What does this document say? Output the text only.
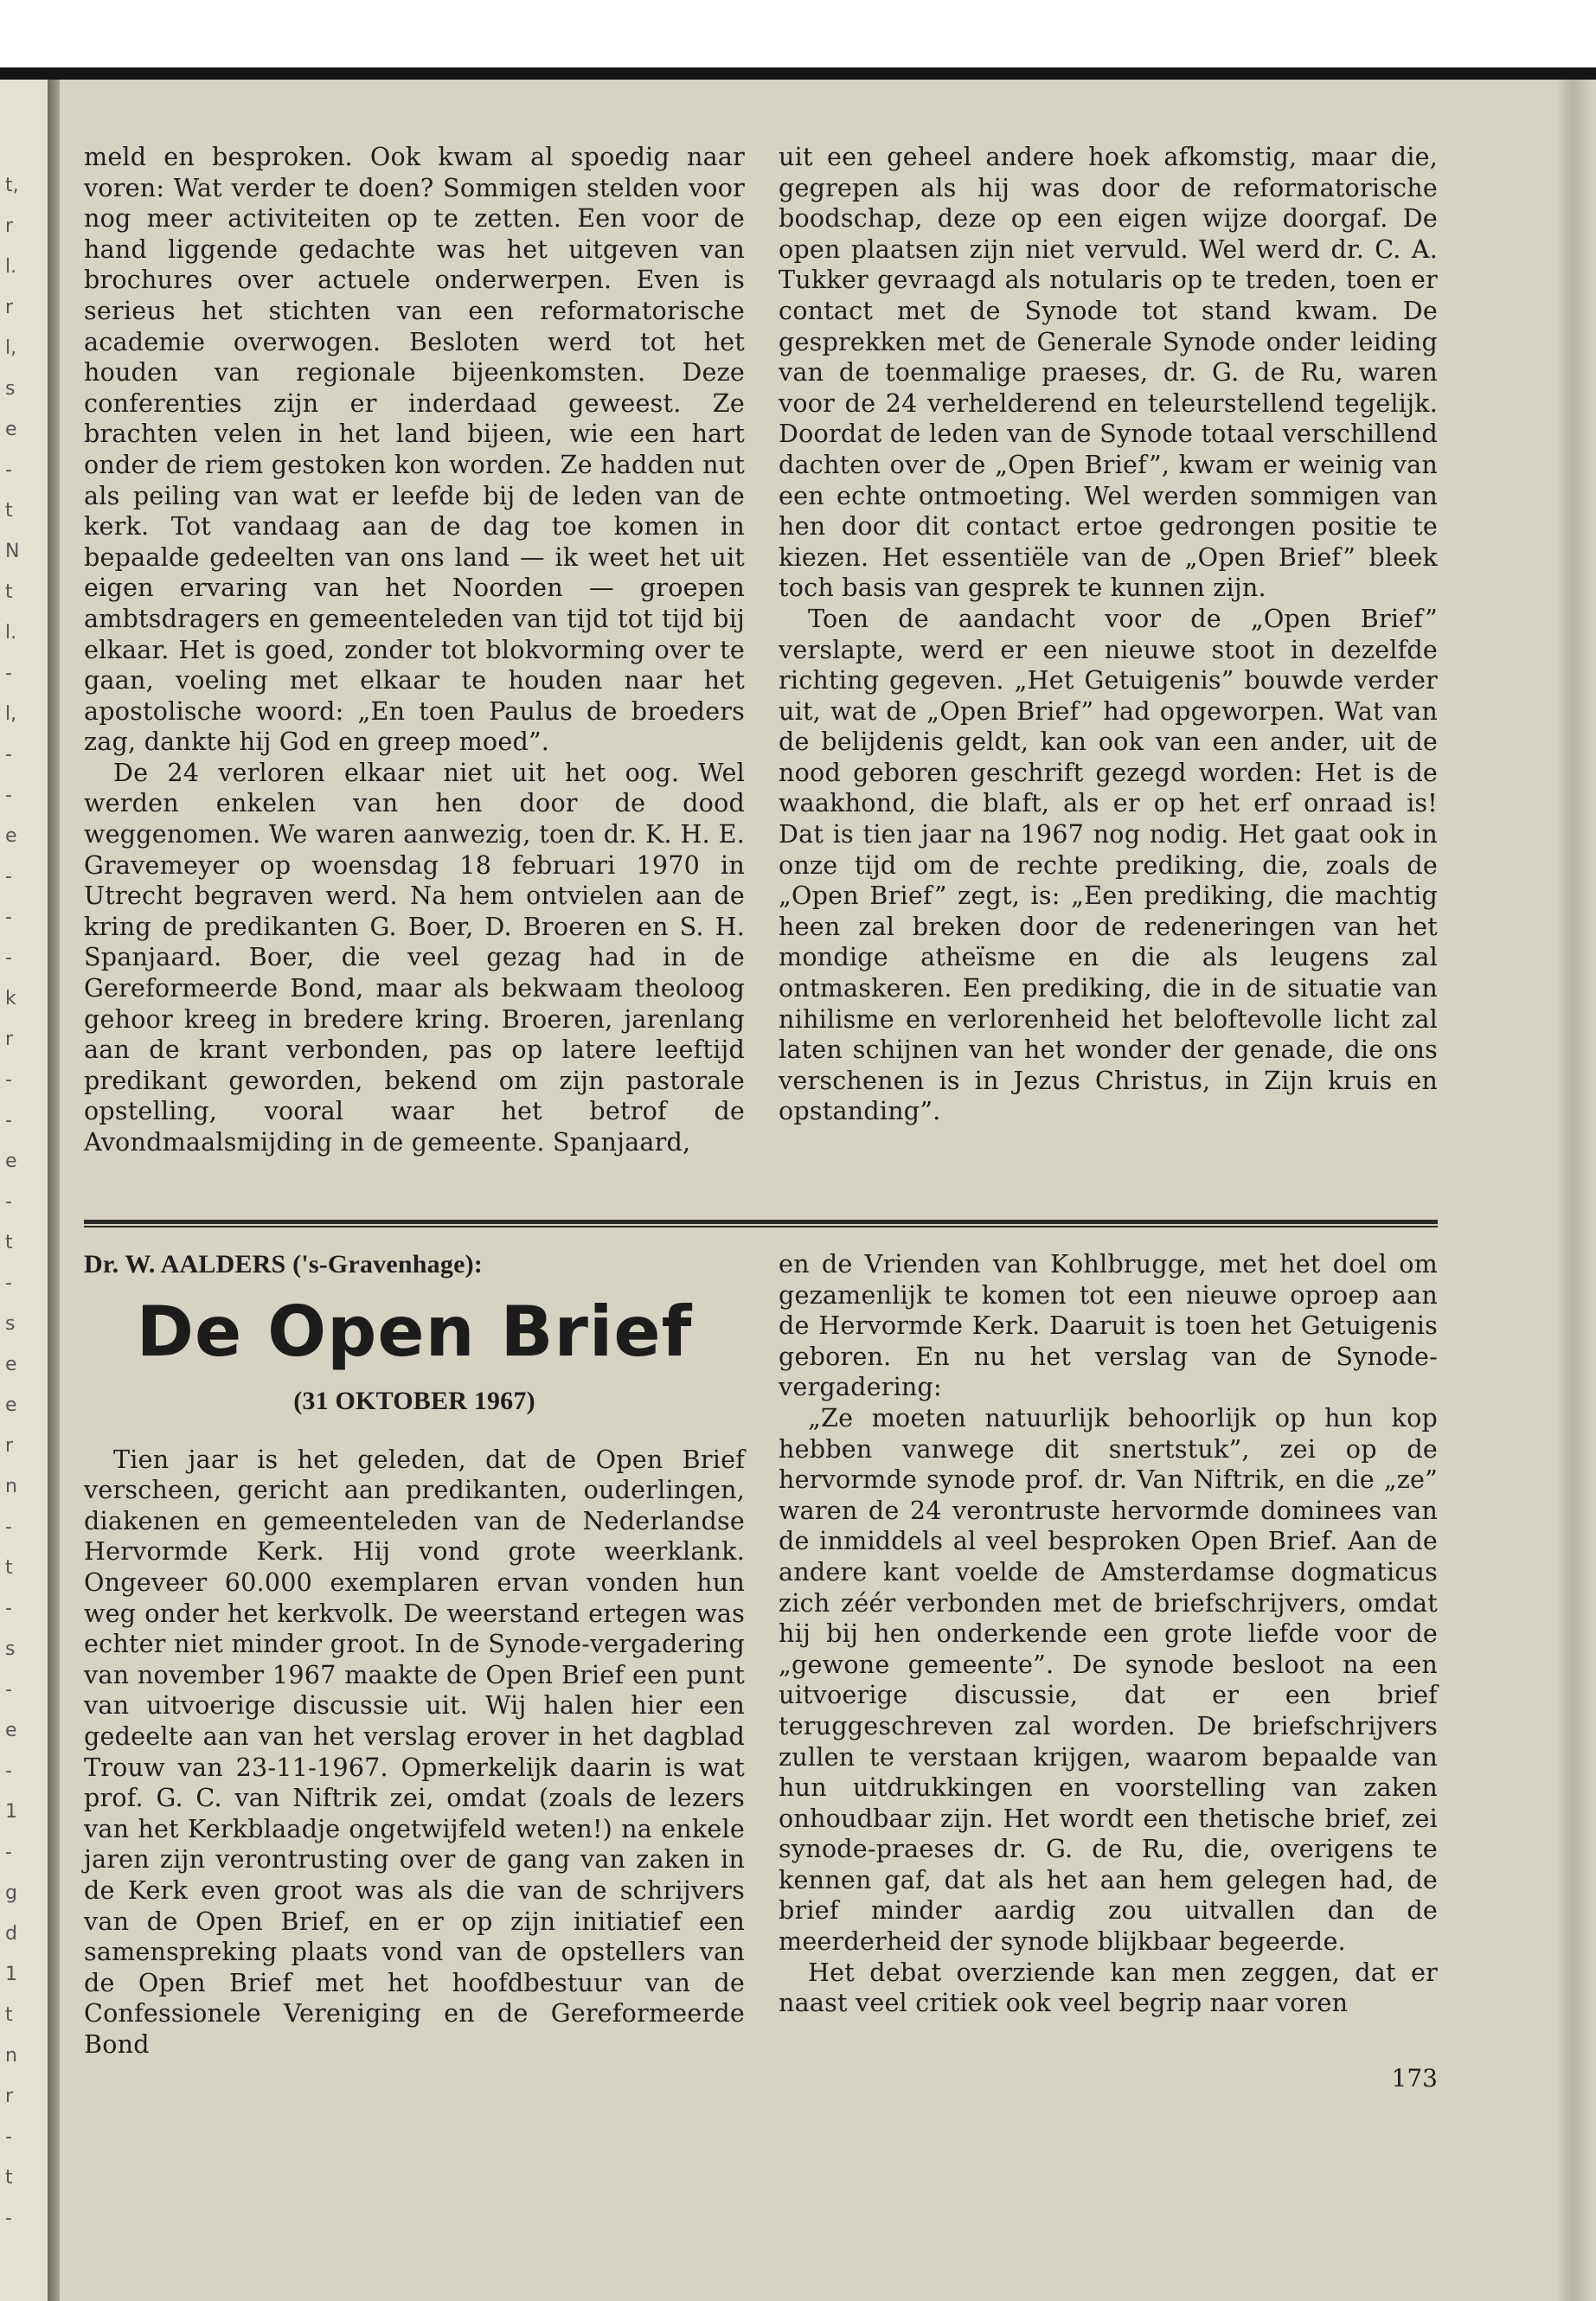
t,
r
l.
r
l,
s
e
-
t
N
t
l.
-
l,
-
-
e
-
-
-
k
r
-
-
e
-
t
-
s
e
e
r
n
-
t
-
s
-
e
-
1
-
g
d
1
t
n
r
-
t
-

meld en besproken. Ook kwam al spoedig naar voren: Wat verder te doen? Sommigen stelden voor nog meer activiteiten op te zetten. Een voor de hand liggende gedachte was het uitgeven van brochures over actuele onderwerpen. Even is serieus het stichten van een reformatorische academie overwogen. Besloten werd tot het houden van regionale bijeenkomsten. Deze conferenties zijn er inderdaad geweest. Ze brachten velen in het land bijeen, wie een hart onder de riem gestoken kon worden. Ze hadden nut als peiling van wat er leefde bij de leden van de kerk. Tot vandaag aan de dag toe komen in bepaalde gedeelten van ons land — ik weet het uit eigen ervaring van het Noorden — groepen ambtsdragers en gemeenteleden van tijd tot tijd bij elkaar. Het is goed, zonder tot blokvorming over te gaan, voeling met elkaar te houden naar het apostolische woord: „En toen Paulus de broeders zag, dankte hij God en greep moed”.

De 24 verloren elkaar niet uit het oog. Wel werden enkelen van hen door de dood weggenomen. We waren aanwezig, toen dr. K. H. E. Gravemeyer op woensdag 18 februari 1970 in Utrecht begraven werd. Na hem ontvielen aan de kring de predikanten G. Boer, D. Broeren en S. H. Spanjaard. Boer, die veel gezag had in de Gereformeerde Bond, maar als bekwaam theoloog gehoor kreeg in bredere kring. Broeren, jarenlang aan de krant verbonden, pas op latere leeftijd predikant geworden, bekend om zijn pastorale opstelling, vooral waar het betrof de Avondmaalsmijding in de gemeente. Spanjaard,

uit een geheel andere hoek afkomstig, maar die, gegrepen als hij was door de reformatorische boodschap, deze op een eigen wijze doorgaf. De open plaatsen zijn niet vervuld. Wel werd dr. C. A. Tukker gevraagd als notularis op te treden, toen er contact met de Synode tot stand kwam. De gesprekken met de Generale Synode onder leiding van de toenmalige praeses, dr. G. de Ru, waren voor de 24 verhelderend en teleurstellend tegelijk. Doordat de leden van de Synode totaal verschillend dachten over de „Open Brief”, kwam er weinig van een echte ontmoeting. Wel werden sommigen van hen door dit contact ertoe gedrongen positie te kiezen. Het essentiële van de „Open Brief” bleek toch basis van gesprek te kunnen zijn.

Toen de aandacht voor de „Open Brief” verslapte, werd er een nieuwe stoot in dezelfde richting gegeven. „Het Getuigenis” bouwde verder uit, wat de „Open Brief” had opgeworpen. Wat van de belijdenis geldt, kan ook van een ander, uit de nood geboren geschrift gezegd worden: Het is de waakhond, die blaft, als er op het erf onraad is! Dat is tien jaar na 1967 nog nodig. Het gaat ook in onze tijd om de rechte prediking, die, zoals de „Open Brief” zegt, is: „Een prediking, die machtig heen zal breken door de redeneringen van het mondige atheïsme en die als leugens zal ontmaskeren. Een prediking, die in de situatie van nihilisme en verlorenheid het beloftevolle licht zal laten schijnen van het wonder der genade, die ons verschenen is in Jezus Christus, in Zijn kruis en opstanding”.

Dr. W. AALDERS ('s-Gravenhage):
De Open Brief
(31 OKTOBER 1967)

Tien jaar is het geleden, dat de Open Brief verscheen, gericht aan predikanten, ouderlingen, diakenen en gemeenteleden van de Nederlandse Hervormde Kerk. Hij vond grote weerklank. Ongeveer 60.000 exemplaren ervan vonden hun weg onder het kerkvolk. De weerstand ertegen was echter niet minder groot. In de Synode-vergadering van november 1967 maakte de Open Brief een punt van uitvoerige discussie uit. Wij halen hier een gedeelte aan van het verslag erover in het dagblad Trouw van 23-11-1967. Opmerkelijk daarin is wat prof. G. C. van Niftrik zei, omdat (zoals de lezers van het Kerkblaadje ongetwijfeld weten!) na enkele jaren zijn verontrusting over de gang van zaken in de Kerk even groot was als die van de schrijvers van de Open Brief, en er op zijn initiatief een samenspreking plaats vond van de opstellers van de Open Brief met het hoofdbestuur van de Confessionele Vereniging en de Gereformeerde Bond

en de Vrienden van Kohlbrugge, met het doel om gezamenlijk te komen tot een nieuwe oproep aan de Hervormde Kerk. Daaruit is toen het Getuigenis geboren. En nu het verslag van de Synode-vergadering:

„Ze moeten natuurlijk behoorlijk op hun kop hebben vanwege dit snertstuk”, zei op de hervormde synode prof. dr. Van Niftrik, en die „ze” waren de 24 verontruste hervormde dominees van de inmiddels al veel besproken Open Brief. Aan de andere kant voelde de Amsterdamse dogmaticus zich zéér verbonden met de briefschrijvers, omdat hij bij hen onderkende een grote liefde voor de „gewone gemeente”. De synode besloot na een uitvoerige discussie, dat er een brief teruggeschreven zal worden. De briefschrijvers zullen te verstaan krijgen, waarom bepaalde van hun uitdrukkingen en voorstelling van zaken onhoudbaar zijn. Het wordt een thetische brief, zei synode-praeses dr. G. de Ru, die, overigens te kennen gaf, dat als het aan hem gelegen had, de brief minder aardig zou uitvallen dan de meerderheid der synode blijkbaar begeerde.

Het debat overziende kan men zeggen, dat er naast veel critiek ook veel begrip naar voren

173
